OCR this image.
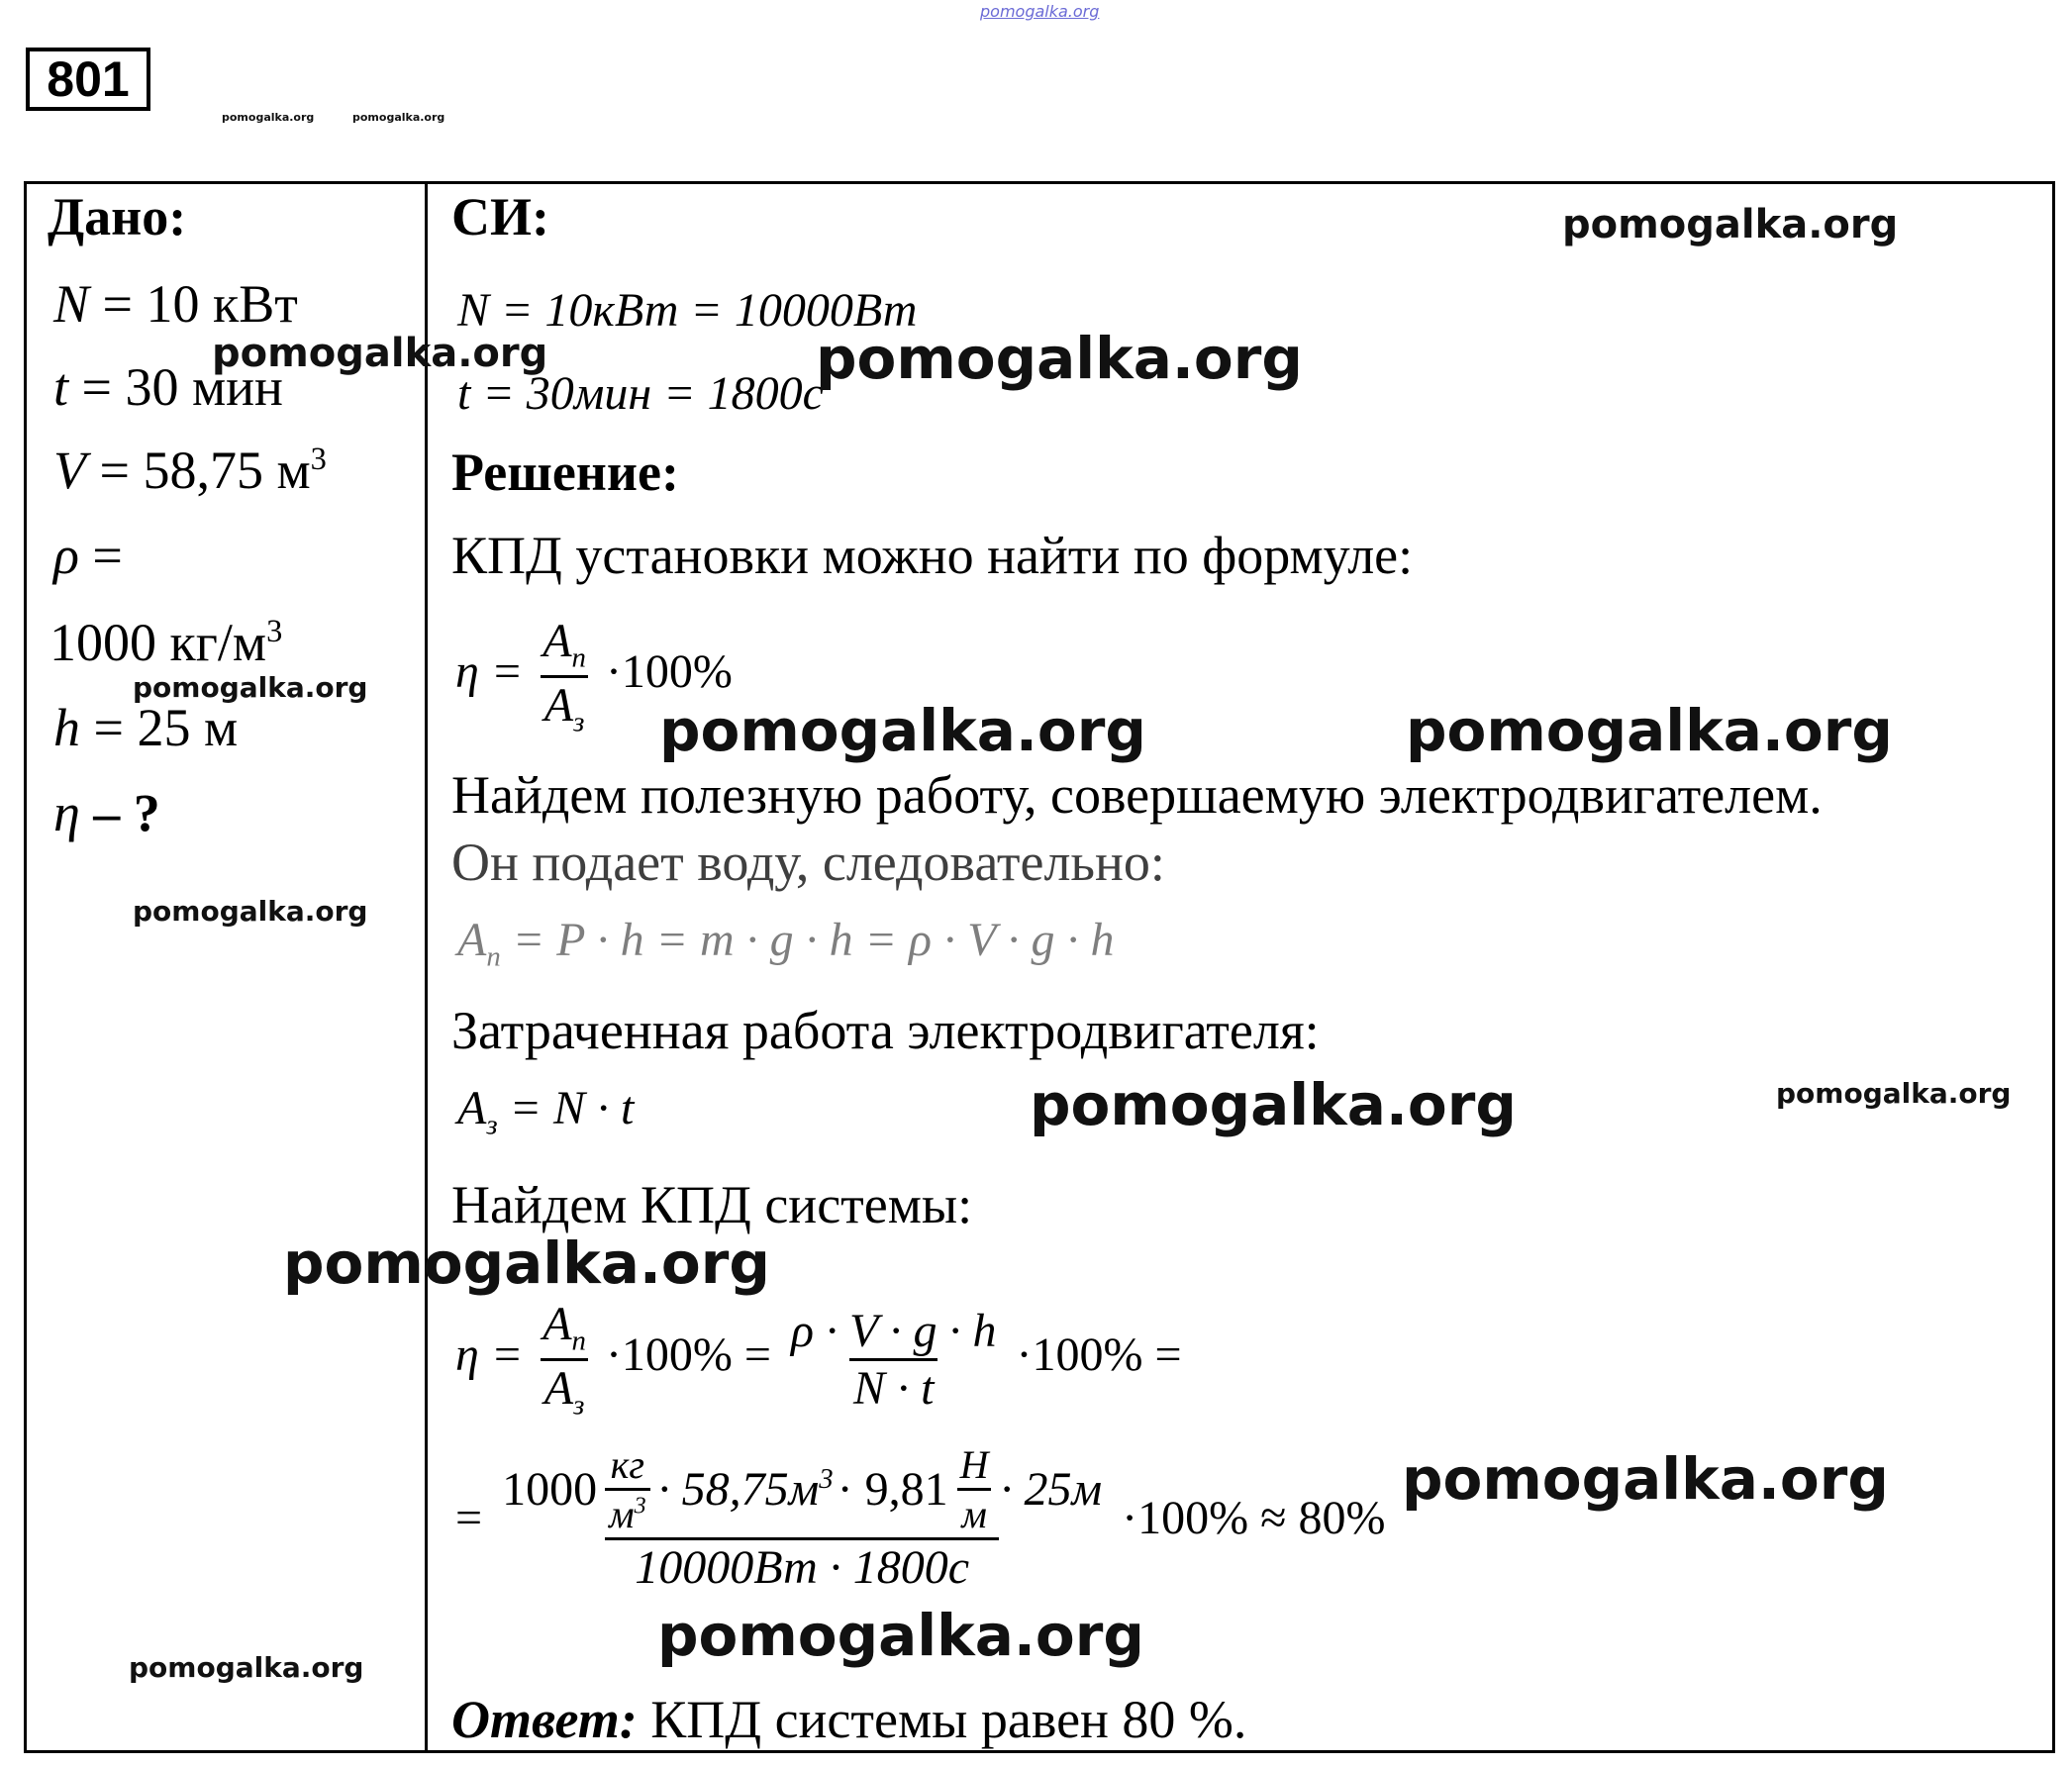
pomogalka.org
801
pomogalka.org	pomogalka.org
Дано:
N = 10 кВт
t = 30 мин
V = 58,75 $м^3$
ρ =
1000 $кг/м^3$
h = 25 м
η – ?
СИ:
N = 10кВт = 10000Вт
t = 30мин = 1800с
Решение:
КПД установки можно найти по формуле:
$\eta = \frac{A_п}{A_з} \cdot 100\%$
Найдем полезную работу, совершаемую электродвигателем.
Он подает воду, следовательно:
$A_п = P \cdot h = m \cdot g \cdot h = \rho \cdot V \cdot g \cdot h$
Затраченная работа электродвигателя:
$A_з = N \cdot t$
Найдем КПД системы:
$\eta = \frac{A_п}{A_з} \cdot 100\% = \frac{\rho \cdot V \cdot g \cdot h}{N \cdot t} \cdot 100\%$ =
=
$1000 \frac{кг}{м^3} \cdot 58,75м^3 \cdot 9,81 \frac{Н}{м} \cdot 25м$
10000Вт · 1800с
·100% ≈ 80%
Ответ: КПД системы равен 80 %.
pomogalka.org
pomogalka.org	pomogalka.org
pomogalka.org
pomogalka.org	pomogalka.org
pomogalka.org
pomogalka.org	pomogalka.org
pomogalka.org
pomogalka.org
pomogalka.org
pomogalka.org
